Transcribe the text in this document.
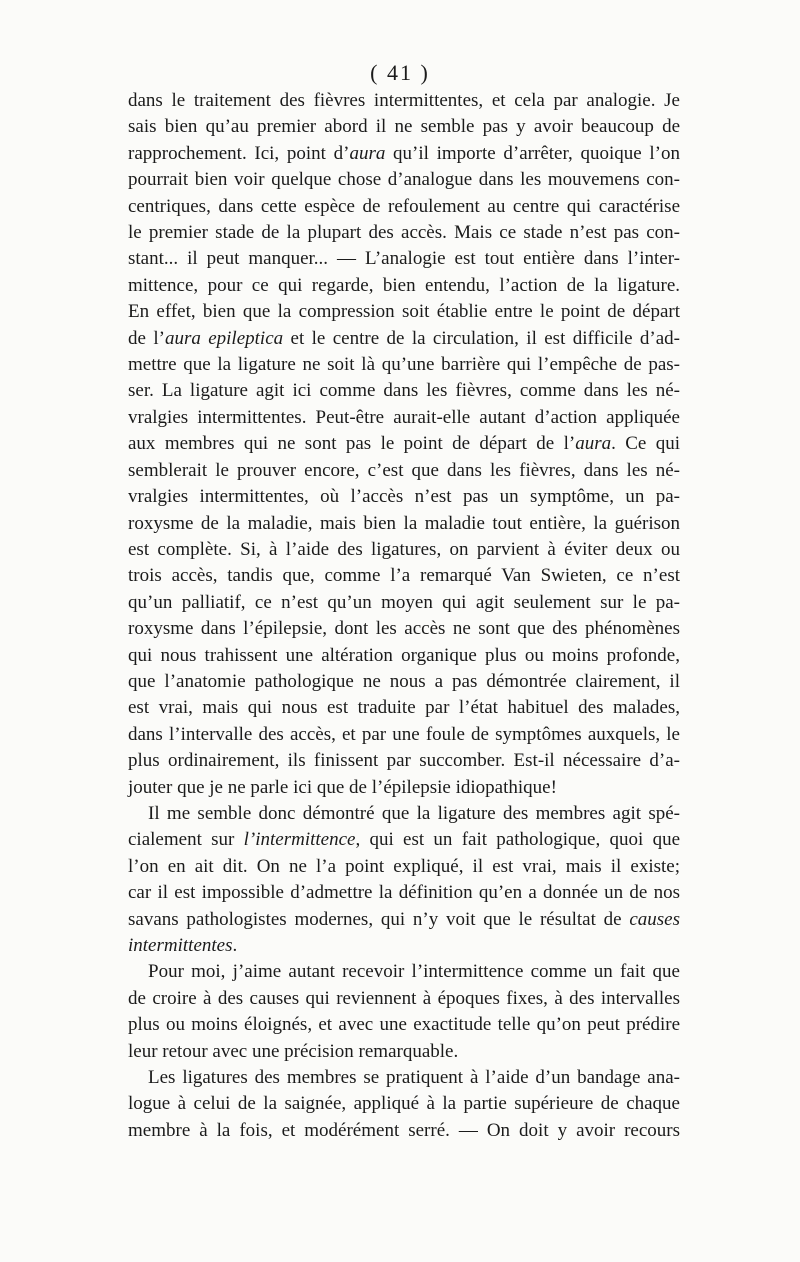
( 41 )
dans le traitement des fièvres intermittentes, et cela par analogie. Je
sais bien qu’au premier abord il ne semble pas y avoir beaucoup de
rapprochement. Ici, point d’aura qu’il importe d’arrêter, quoique l’on
pourrait bien voir quelque chose d’analogue dans les mouvemens con-
centriques, dans cette espèce de refoulement au centre qui caractérise
le premier stade de la plupart des accès. Mais ce stade n’est pas con-
stant... il peut manquer... — L’analogie est tout entière dans l’inter-
mittence, pour ce qui regarde, bien entendu, l’action de la ligature.
En effet, bien que la compression soit établie entre le point de départ
de l’aura epileptica et le centre de la circulation, il est difficile d’ad-
mettre que la ligature ne soit là qu’une barrière qui l’empêche de pas-
ser. La ligature agit ici comme dans les fièvres, comme dans les né-
vralgies intermittentes. Peut-être aurait-elle autant d’action appliquée
aux membres qui ne sont pas le point de départ de l’aura. Ce qui
semblerait le prouver encore, c’est que dans les fièvres, dans les né-
vralgies intermittentes, où l’accès n’est pas un symptôme, un pa-
roxysme de la maladie, mais bien la maladie tout entière, la guérison
est complète. Si, à l’aide des ligatures, on parvient à éviter deux ou
trois accès, tandis que, comme l’a remarqué Van Swieten, ce n’est
qu’un palliatif, ce n’est qu’un moyen qui agit seulement sur le pa-
roxysme dans l’épilepsie, dont les accès ne sont que des phénomènes
qui nous trahissent une altération organique plus ou moins profonde,
que l’anatomie pathologique ne nous a pas démontrée clairement, il
est vrai, mais qui nous est traduite par l’état habituel des malades,
dans l’intervalle des accès, et par une foule de symptômes auxquels, le
plus ordinairement, ils finissent par succomber. Est-il nécessaire d’a-
jouter que je ne parle ici que de l’épilepsie idiopathique!
Il me semble donc démontré que la ligature des membres agit spé-
cialement sur l’intermittence, qui est un fait pathologique, quoi que
l’on en ait dit. On ne l’a point expliqué, il est vrai, mais il existe;
car il est impossible d’admettre la définition qu’en a donnée un de nos
savans pathologistes modernes, qui n’y voit que le résultat de causes
intermittentes.
Pour moi, j’aime autant recevoir l’intermittence comme un fait que
de croire à des causes qui reviennent à époques fixes, à des intervalles
plus ou moins éloignés, et avec une exactitude telle qu’on peut prédire
leur retour avec une précision remarquable.
Les ligatures des membres se pratiquent à l’aide d’un bandage ana-
logue à celui de la saignée, appliqué à la partie supérieure de chaque
membre à la fois, et modérément serré. — On doit y avoir recours
